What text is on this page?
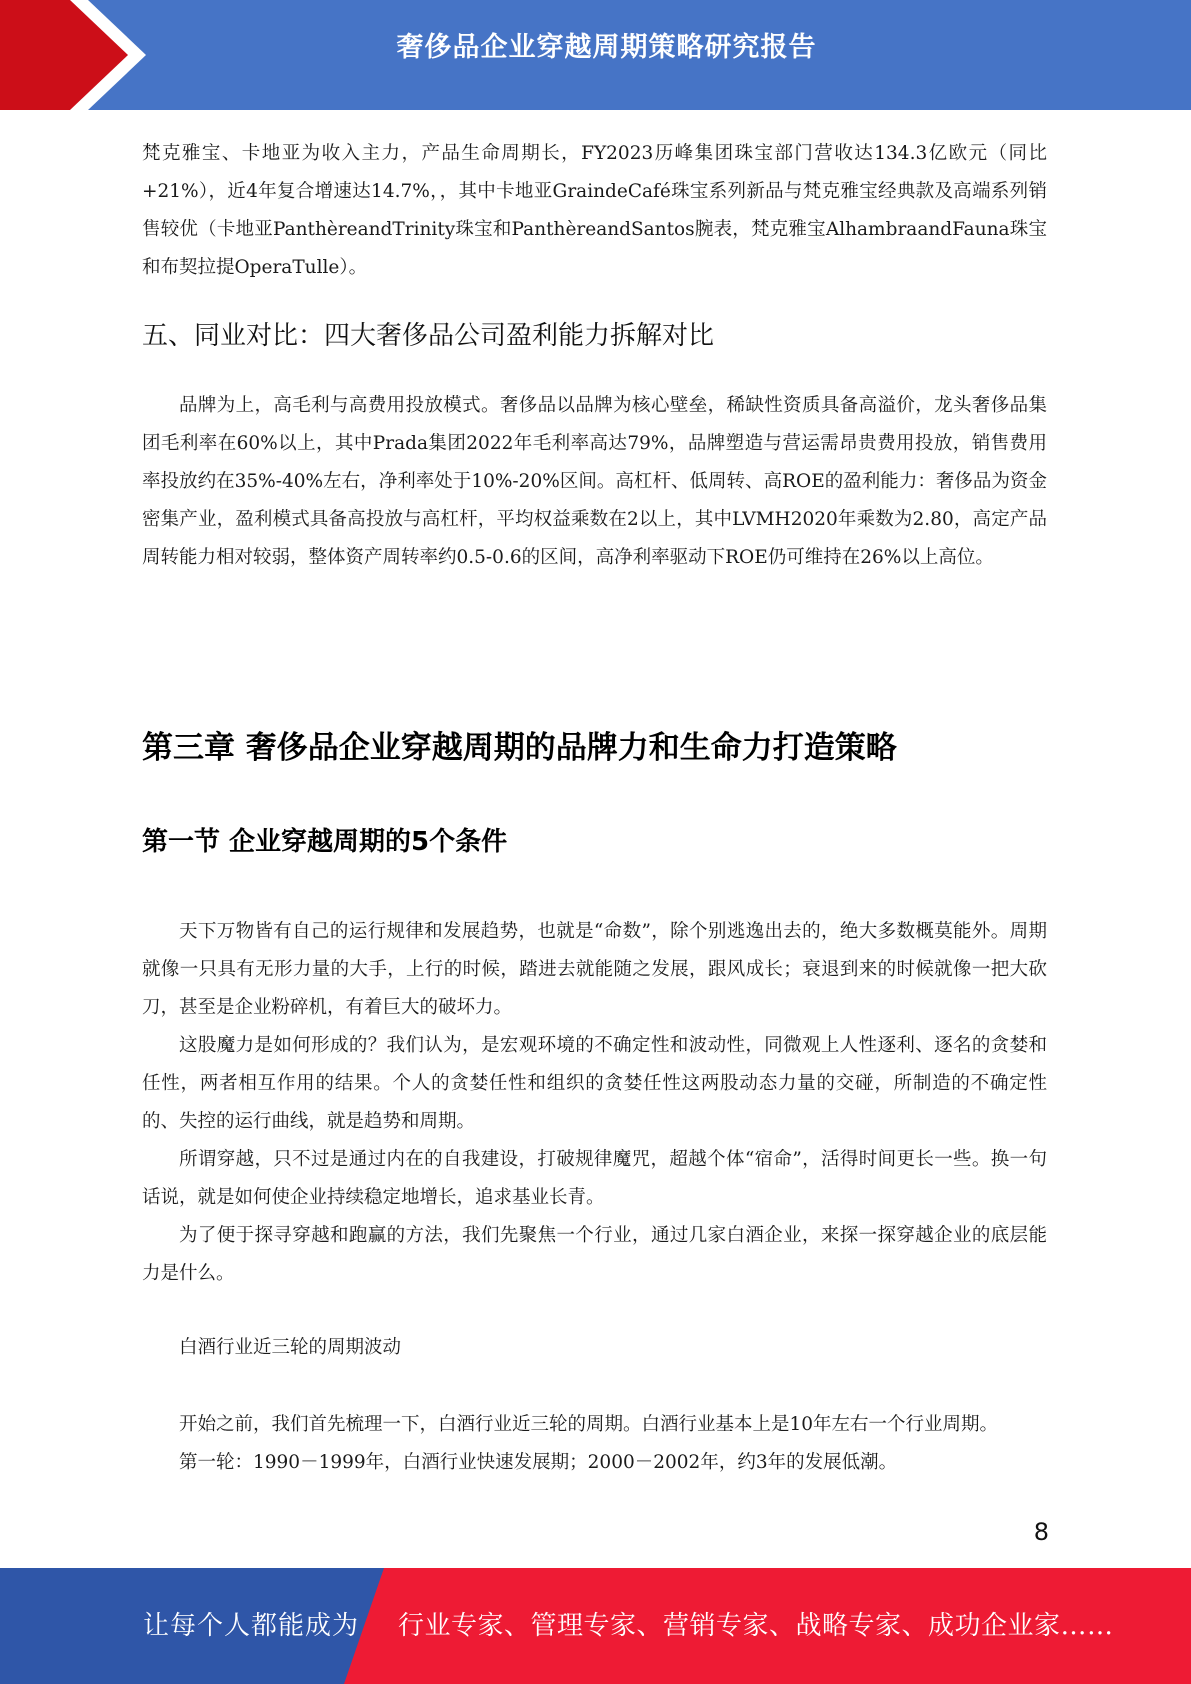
奢侈品企业穿越周期策略研究报告

梵克雅宝、卡地亚为收入主力，产品生命周期长，FY2023历峰集团珠宝部门营收达134.3亿欧元（同比+21%），近4年复合增速达14.7%，，其中卡地亚GraindeCafé珠宝系列新品与梵克雅宝经典款及高端系列销售较优（卡地亚PanthèreandTrinity珠宝和PanthèreandSantos腕表，梵克雅宝AlhambraandFauna珠宝和布契拉提OperaTulle）。

五、同业对比：四大奢侈品公司盈利能力拆解对比

品牌为上，高毛利与高费用投放模式。奢侈品以品牌为核心壁垒，稀缺性资质具备高溢价，龙头奢侈品集团毛利率在60%以上，其中Prada集团2022年毛利率高达79%，品牌塑造与营运需昂贵费用投放，销售费用率投放约在35%-40%左右，净利率处于10%-20%区间。高杠杆、低周转、高ROE的盈利能力：奢侈品为资金密集产业，盈利模式具备高投放与高杠杆，平均权益乘数在2以上，其中LVMH2020年乘数为2.80，高定产品周转能力相对较弱，整体资产周转率约0.5-0.6的区间，高净利率驱动下ROE仍可维持在26%以上高位。

第三章 奢侈品企业穿越周期的品牌力和生命力打造策略
第一节 企业穿越周期的5个条件

天下万物皆有自己的运行规律和发展趋势，也就是“命数”，除个别逃逸出去的，绝大多数概莫能外。周期就像一只具有无形力量的大手，上行的时候，踏进去就能随之发展，跟风成长；衰退到来的时候就像一把大砍刀，甚至是企业粉碎机，有着巨大的破坏力。

这股魔力是如何形成的？我们认为，是宏观环境的不确定性和波动性，同微观上人性逐利、逐名的贪婪和任性，两者相互作用的结果。个人的贪婪任性和组织的贪婪任性这两股动态力量的交碰，所制造的不确定性的、失控的运行曲线，就是趋势和周期。

所谓穿越，只不过是通过内在的自我建设，打破规律魔咒，超越个体“宿命”，活得时间更长一些。换一句话说，就是如何使企业持续稳定地增长，追求基业长青。

为了便于探寻穿越和跑赢的方法，我们先聚焦一个行业，通过几家白酒企业，来探一探穿越企业的底层能力是什么。

白酒行业近三轮的周期波动

开始之前，我们首先梳理一下，白酒行业近三轮的周期。白酒行业基本上是10年左右一个行业周期。

第一轮：1990－1999年，白酒行业快速发展期；2000－2002年，约3年的发展低潮。

8
让每个人都能成为 行业专家、管理专家、营销专家、战略专家、成功企业家……
